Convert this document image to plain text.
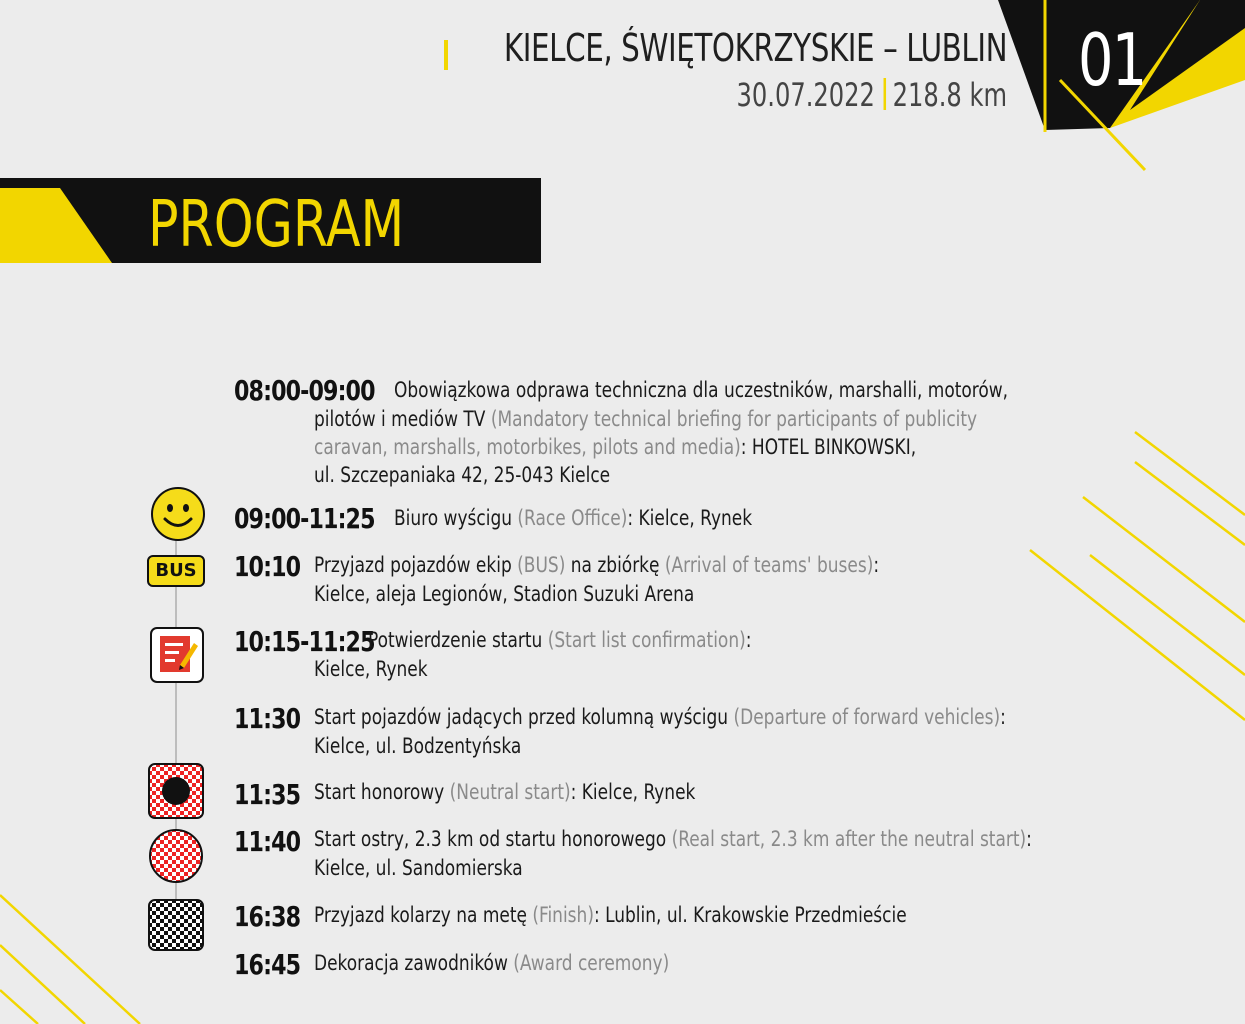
KIELCE, ŚWIĘTOKRZYSKIE – LUBLIN
30.07.2022 218.8 km 01
PROGRAM
BUS
08:00-09:00 Obowiązkowa odprawa techniczna dla uczestników, marshalli, motorów,
pilotów i mediów TV (Mandatory technical briefing for participants of publicity
caravan, marshalls, motorbikes, pilots and media): HOTEL BINKOWSKI,
ul. Szczepaniaka 42, 25-043 Kielce
09:00-11:25 Biuro wyścigu (Race Office): Kielce, Rynek
10:10 Przyjazd pojazdów ekip (BUS) na zbiórkę (Arrival of teams' buses):
Kielce, aleja Legionów, Stadion Suzuki Arena
10:15-11:25
Potwierdzenie startu (Start list confirmation):
Kielce, Rynek
11:30 Start pojazdów jadących przed kolumną wyścigu (Departure of forward vehicles):
Kielce, ul. Bodzentyńska
11:35 Start honorowy (Neutral start): Kielce, Rynek
11:40 Start ostry, 2.3 km od startu honorowego (Real start, 2.3 km after the neutral start):
Kielce, ul. Sandomierska
16:38 Przyjazd kolarzy na metę (Finish): Lublin, ul. Krakowskie Przedmieście
16:45 Dekoracja zawodników (Award ceremony)
